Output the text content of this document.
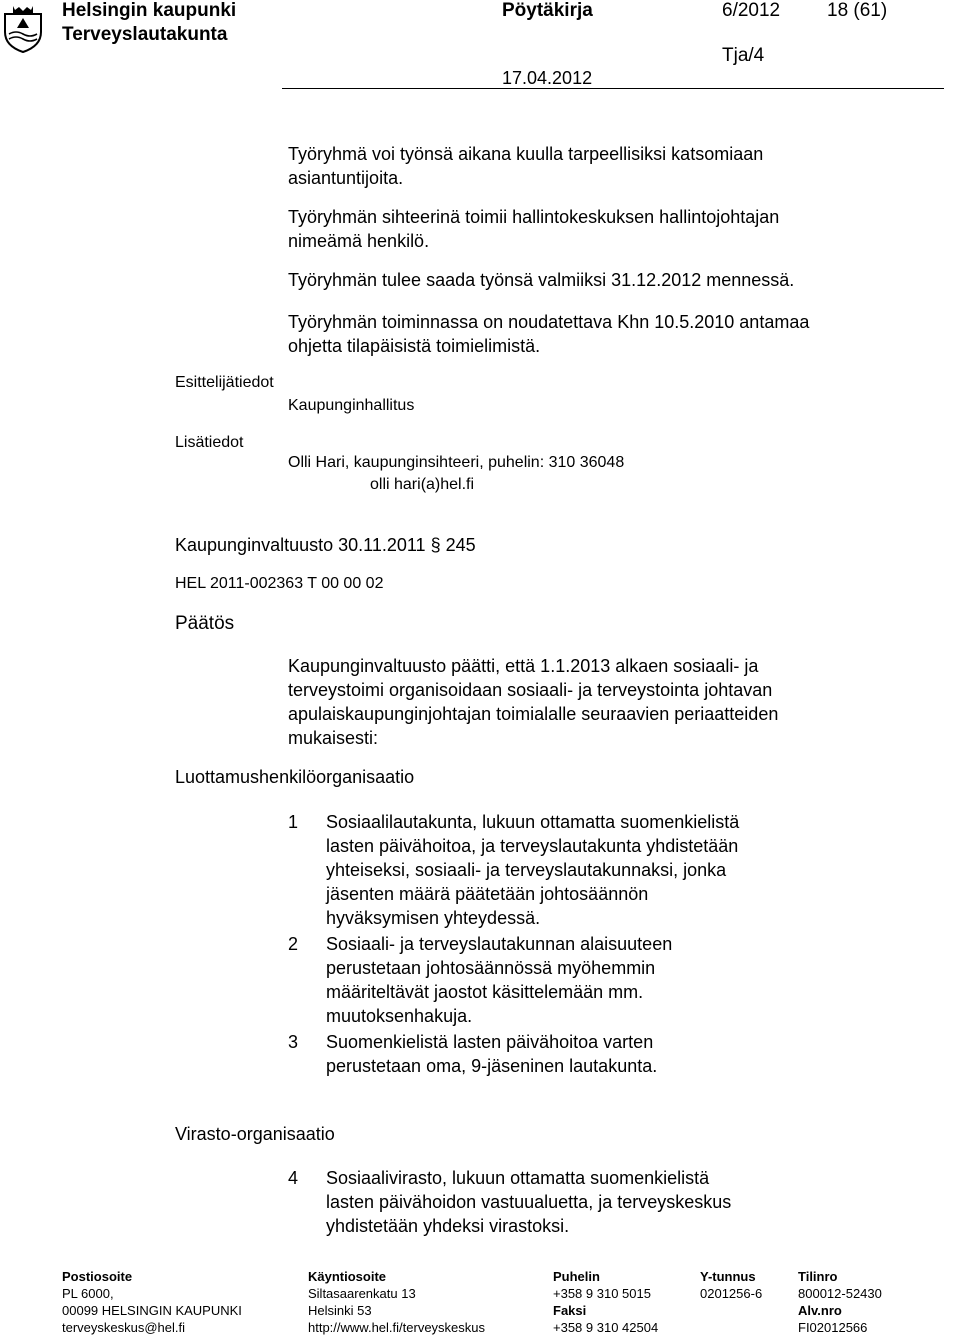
Helsingin kaupunki
Terveyslautakunta
Pöytäkirja	6/2012 18 (61)
Tja/4
17.04.2012
Työryhmä voi työnsä aikana kuulla tarpeellisiksi katsomiaan
asiantuntijoita.
Työryhmän sihteerinä toimii hallintokeskuksen hallintojohtajan
nimeämä henkilö.
Työryhmän tulee saada työnsä valmiiksi 31.12.2012 mennessä.
Työryhmän toiminnassa on noudatettava Khn 10.5.2010 antamaa
ohjetta tilapäisistä toimielimistä.
Esittelijätiedot
Kaupunginhallitus
Lisätiedot
Olli Hari, kaupunginsihteeri, puhelin: 310 36048
olli hari(a)hel.fi
Kaupunginvaltuusto 30.11.2011 § 245
HEL 2011-002363 T 00 00 02
Päätös
Kaupunginvaltuusto päätti, että 1.1.2013 alkaen sosiaali- ja
terveystoimi organisoidaan sosiaali- ja terveystointa johtavan
apulaiskaupunginjohtajan toimialalle seuraavien periaatteiden
mukaisesti:
Luottamushenkilöorganisaatio
1 Sosiaalilautakunta, lukuun ottamatta suomenkielistä
lasten päivähoitoa, ja terveyslautakunta yhdistetään
yhteiseksi, sosiaali- ja terveyslautakunnaksi, jonka
jäsenten määrä päätetään johtosäännön
hyväksymisen yhteydessä.
2 Sosiaali- ja terveyslautakunnan alaisuuteen
perustetaan johtosäännössä myöhemmin
määriteltävät jaostot käsittelemään mm.
muutoksenhakuja.
3 Suomenkielistä lasten päivähoitoa varten
perustetaan oma, 9-jäseninen lautakunta.
Virasto-organisaatio
4 Sosiaalivirasto, lukuun ottamatta suomenkielistä
lasten päivähoidon vastuualuetta, ja terveyskeskus
yhdistetään yhdeksi virastoksi.
Postiosoite
PL 6000,
00099 HELSINGIN KAUPUNKI
terveyskeskus@hel.fi
Käyntiosoite
Siltasaarenkatu 13
Helsinki 53
http://www.hel.fi/terveyskeskus
Puhelin
+358 9 310 5015
Faksi
+358 9 310 42504
Y-tunnus
0201256-6
Tilinro
800012-52430
Alv.nro
FI02012566
